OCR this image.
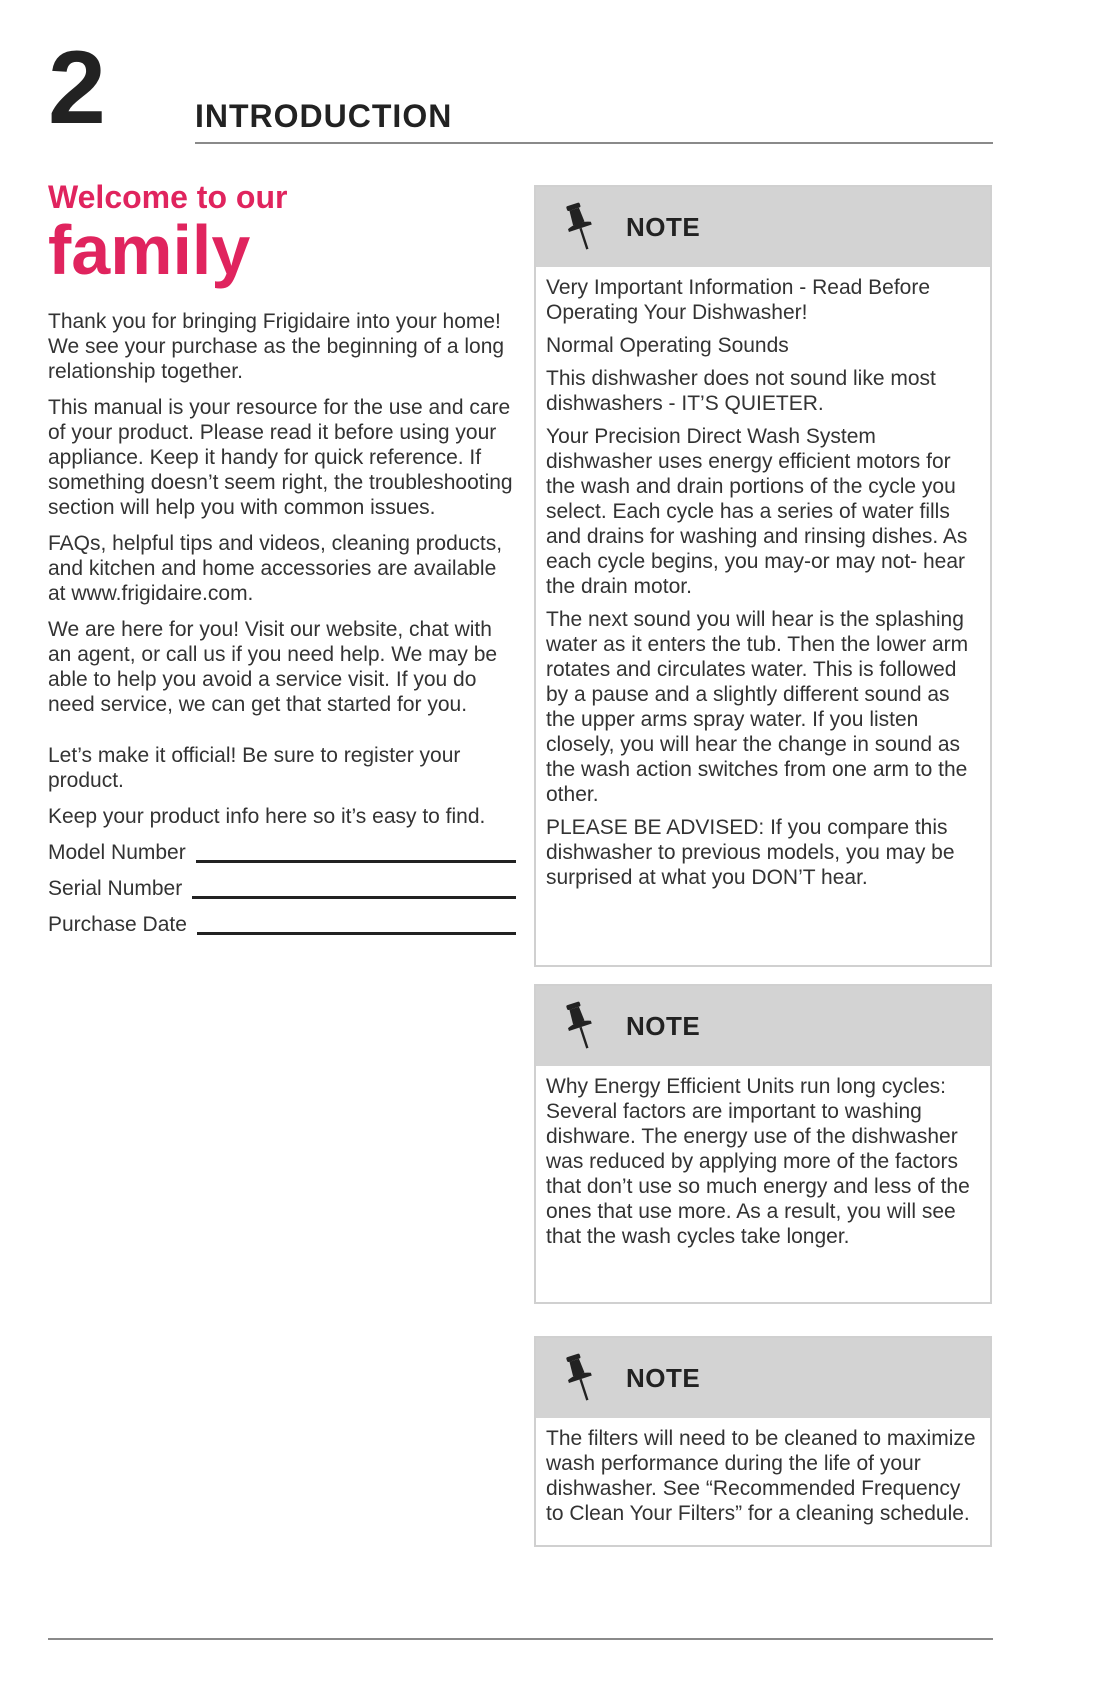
2	INTRODUCTION

Welcome to our

family

Thank you for bringing Frigidaire into your home! We see your purchase as the beginning of a long relationship together.

This manual is your resource for the use and care of your product. Please read it before using your appliance. Keep it handy for quick reference. If something doesn’t seem right, the troubleshooting section will help you with common issues.

FAQs, helpful tips and videos, cleaning products, and kitchen and home accessories are available at www.frigidaire.com.

We are here for you! Visit our website, chat with an agent, or call us if you need help. We may be able to help you avoid a service visit. If you do need service, we can get that started for you.

Let’s make it official! Be sure to register your product.

Keep your product info here so it’s easy to find.

Model Number
Serial Number
Purchase Date
NOTE

Very Important Information - Read Before Operating Your Dishwasher!

Normal Operating Sounds

This dishwasher does not sound like most dishwashers - IT’S QUIETER.

Your Precision Direct Wash System dishwasher uses energy efficient motors for the wash and drain portions of the cycle you select. Each cycle has a series of water fills and drains for washing and rinsing dishes. As each cycle begins, you may-or may not- hear the drain motor.

The next sound you will hear is the splashing water as it enters the tub. Then the lower arm rotates and circulates water. This is followed by a pause and a slightly different sound as the upper arms spray water. If you listen closely, you will hear the change in sound as the wash action switches from one arm to the other.

PLEASE BE ADVISED: If you compare this dishwasher to previous models, you may be surprised at what you DON’T hear.

NOTE

Why Energy Efficient Units run long cycles: Several factors are important to washing dishware. The energy use of the dishwasher was reduced by applying more of the factors that don’t use so much energy and less of the ones that use more. As a result, you will see that the wash cycles take longer.

NOTE

The filters will need to be cleaned to maximize wash performance during the life of your dishwasher. See “Recommended Frequency to Clean Your Filters” for a cleaning schedule.
